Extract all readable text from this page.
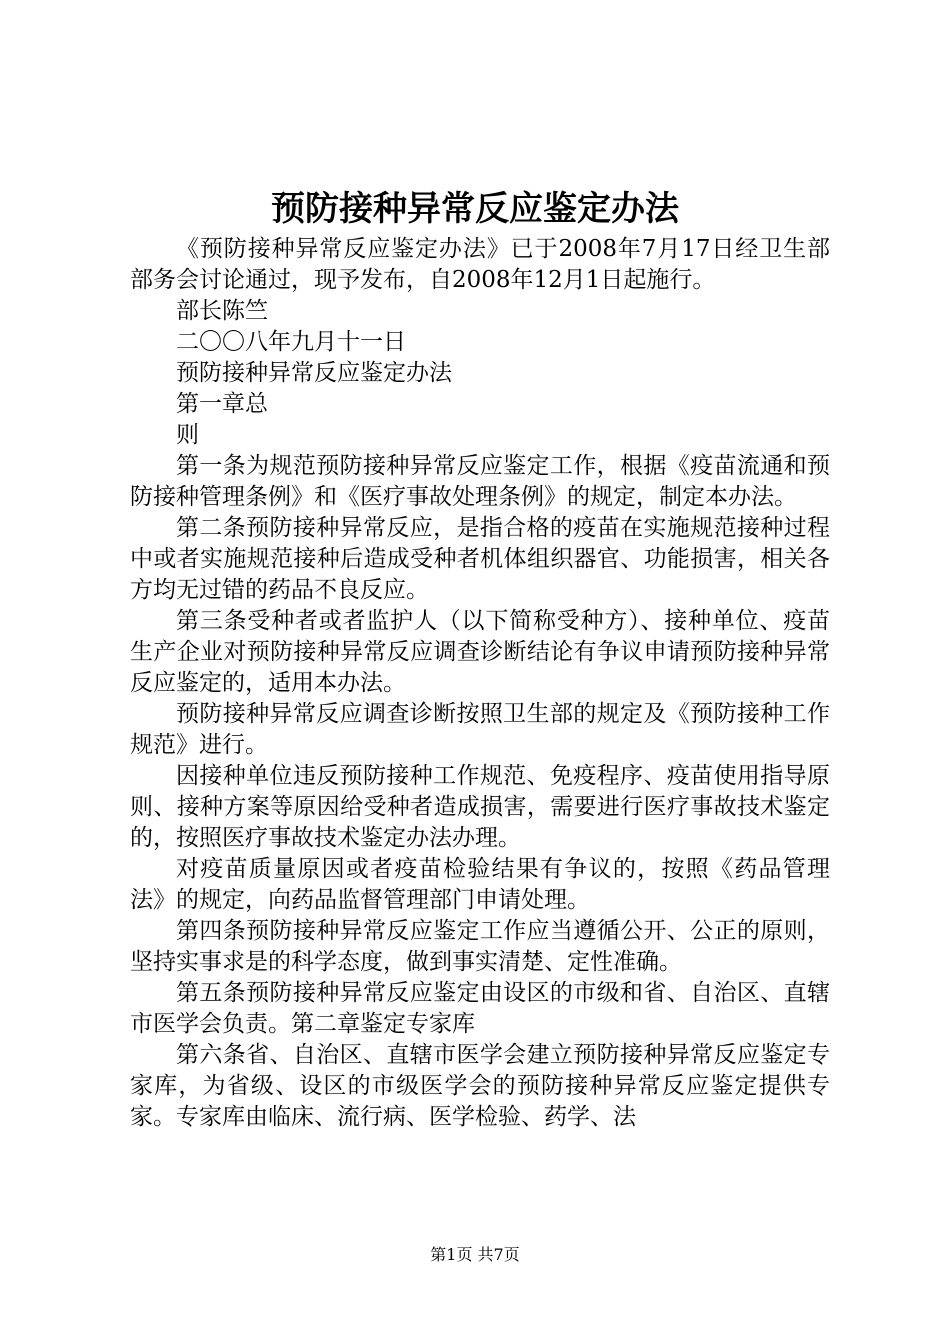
预防接种异常反应鉴定办法

《预防接种异常反应鉴定办法》已于2008年7月17日经卫生部部务会讨论通过，现予发布，自2008年12月1日起施行。

部长陈竺

二〇〇八年九月十一日

预防接种异常反应鉴定办法

第一章总

则

第一条为规范预防接种异常反应鉴定工作，根据《疫苗流通和预防接种管理条例》和《医疗事故处理条例》的规定，制定本办法。

第二条预防接种异常反应，是指合格的疫苗在实施规范接种过程中或者实施规范接种后造成受种者机体组织器官、功能损害，相关各方均无过错的药品不良反应。

第三条受种者或者监护人（以下简称受种方）、接种单位、疫苗生产企业对预防接种异常反应调查诊断结论有争议申请预防接种异常反应鉴定的，适用本办法。

预防接种异常反应调查诊断按照卫生部的规定及《预防接种工作规范》进行。

因接种单位违反预防接种工作规范、免疫程序、疫苗使用指导原则、接种方案等原因给受种者造成损害，需要进行医疗事故技术鉴定的，按照医疗事故技术鉴定办法办理。

对疫苗质量原因或者疫苗检验结果有争议的，按照《药品管理法》的规定，向药品监督管理部门申请处理。

第四条预防接种异常反应鉴定工作应当遵循公开、公正的原则，坚持实事求是的科学态度，做到事实清楚、定性准确。

第五条预防接种异常反应鉴定由设区的市级和省、自治区、直辖市医学会负责。第二章鉴定专家库

第六条省、自治区、直辖市医学会建立预防接种异常反应鉴定专家库，为省级、设区的市级医学会的预防接种异常反应鉴定提供专家。专家库由临床、流行病、医学检验、药学、法

第1页 共7页
